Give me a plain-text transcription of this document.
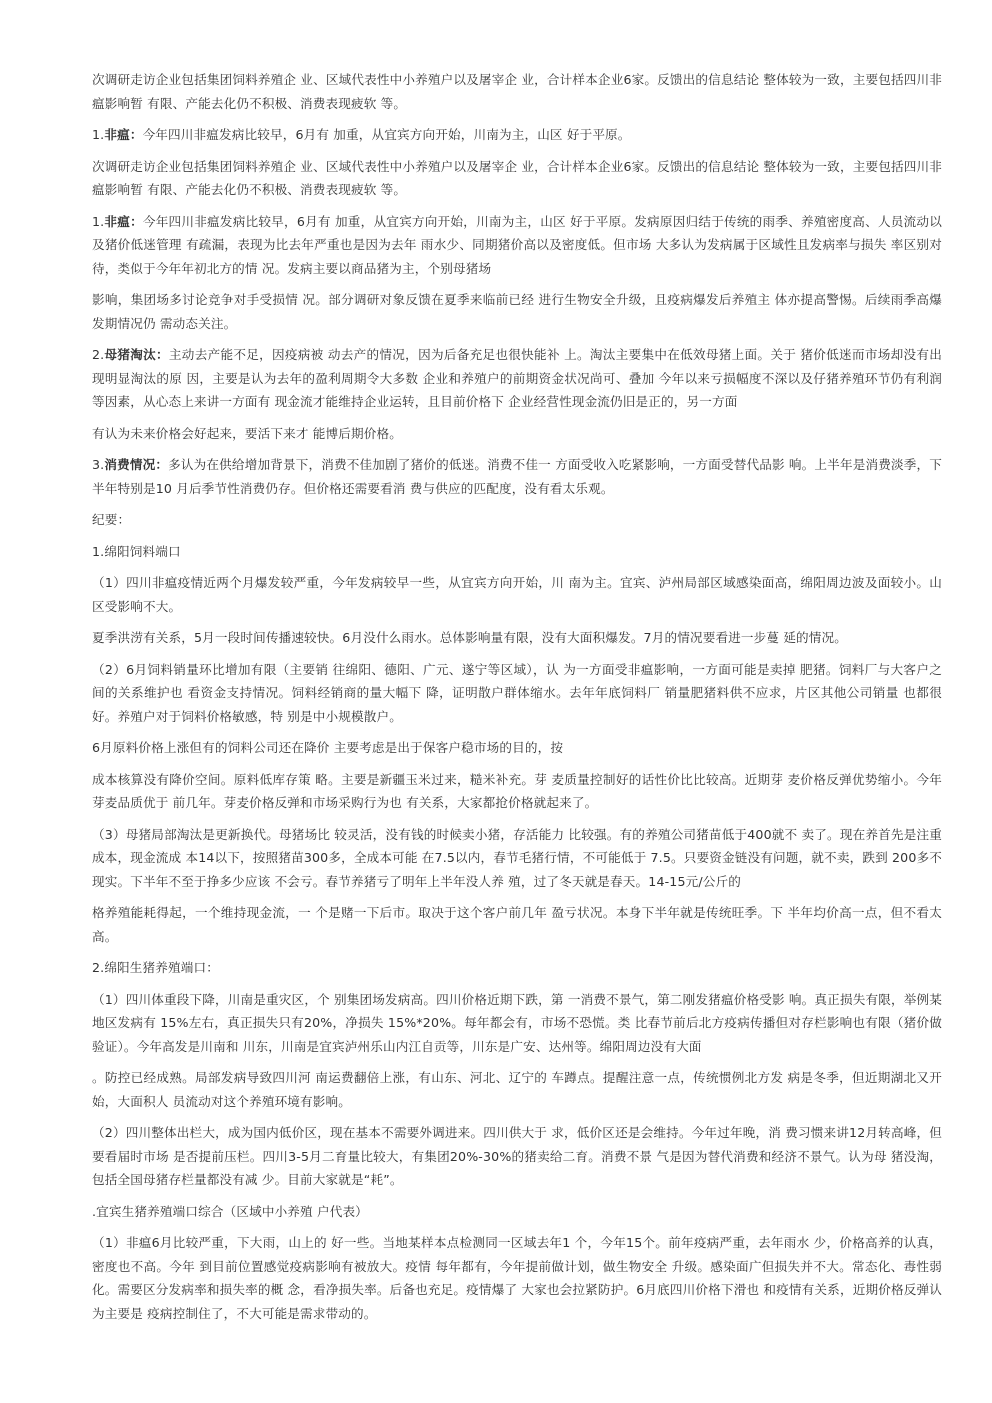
次调研走访企业包括集团饲料养殖企 业、区域代表性中小养殖户以及屠宰企 业，合计样本企业6家。反馈出的信息结论 整体较为一致，主要包括四川非瘟影响暂 有限、产能去化仍不积极、消费表现疲软 等。

1.非瘟：今年四川非瘟发病比较早，6月有 加重，从宜宾方向开始，川南为主，山区 好于平原。

次调研走访企业包括集团饲料养殖企 业、区域代表性中小养殖户以及屠宰企 业，合计样本企业6家。反馈出的信息结论 整体较为一致，主要包括四川非瘟影响暂 有限、产能去化仍不积极、消费表现疲软 等。

1.非瘟：今年四川非瘟发病比较早，6月有 加重，从宜宾方向开始，川南为主，山区 好于平原。发病原因归结于传统的雨季、养殖密度高、人员流动以及猪价低迷管理 有疏漏，表现为比去年严重也是因为去年 雨水少、同期猪价高以及密度低。但市场 大多认为发病属于区域性且发病率与损失 率区别对待，类似于今年年初北方的情 况。发病主要以商品猪为主，个别母猪场

影响，集团场多讨论竞争对手受损情 况。部分调研对象反馈在夏季来临前已经 进行生物安全升级，且疫病爆发后养殖主 体亦提高警惕。后续雨季高爆发期情况仍 需动态关注。

2.母猪淘汰：主动去产能不足，因疫病被 动去产的情况，因为后备充足也很快能补 上。淘汰主要集中在低效母猪上面。关于 猪价低迷而市场却没有出现明显淘汰的原 因，主要是认为去年的盈利周期令大多数 企业和养殖户的前期资金状况尚可、叠加 今年以来亏损幅度不深以及仔猪养殖环节仍有利润等因素，从心态上来讲一方面有 现金流才能维持企业运转，且目前价格下 企业经营性现金流仍旧是正的，另一方面

有认为未来价格会好起来，要活下来才 能博后期价格。

3.消费情况：多认为在供给增加背景下，消费不佳加剧了猪价的低迷。消费不佳一 方面受收入吃紧影响，一方面受替代品影 响。上半年是消费淡季，下半年特别是10 月后季节性消费仍存。但价格还需要看消 费与供应的匹配度，没有看太乐观。

纪要：

1.绵阳饲料端口

（1）四川非瘟疫情近两个月爆发较严重，今年发病较早一些，从宜宾方向开始，川 南为主。宜宾、泸州局部区域感染面高，绵阳周边波及面较小。山区受影响不大。

夏季洪涝有关系，5月一段时间传播速较快。6月没什么雨水。总体影响量有限，没有大面积爆发。7月的情况要看进一步蔓 延的情况。

（2）6月饲料销量环比增加有限（主要销 往绵阳、德阳、广元、遂宁等区域），认 为一方面受非瘟影响，一方面可能是卖掉 肥猪。饲料厂与大客户之间的关系维护也 看资金支持情况。饲料经销商的量大幅下 降，证明散户群体缩水。去年年底饲料厂 销量肥猪料供不应求，片区其他公司销量 也都很好。养殖户对于饲料价格敏感，特 别是中小规模散户。

6月原料价格上涨但有的饲料公司还在降价 主要考虑是出于保客户稳市场的目的，按

成本核算没有降价空间。原料低库存策 略。主要是新疆玉米过来，糙米补充。芽 麦质量控制好的话性价比比较高。近期芽 麦价格反弹优势缩小。今年芽麦品质优于 前几年。芽麦价格反弹和市场采购行为也 有关系，大家都抢价格就起来了。

（3）母猪局部淘汰是更新换代。母猪场比 较灵活，没有钱的时候卖小猪，存活能力 比较强。有的养殖公司猪苗低于400就不 卖了。现在养首先是注重成本，现金流成 本14以下，按照猪苗300多，全成本可能 在7.5以内，春节毛猪行情，不可能低于 7.5。只要资金链没有问题，就不卖，跌到 200多不现实。下半年不至于挣多少应该 不会亏。春节养猪亏了明年上半年没人养 殖，过了冬天就是春天。14-15元/公斤的

格养殖能耗得起，一个维持现金流，一 个是赌一下后市。取决于这个客户前几年 盈亏状况。本身下半年就是传统旺季。下 半年均价高一点，但不看太高。

2.绵阳生猪养殖端口：

（1）四川体重段下降，川南是重灾区，个 别集团场发病高。四川价格近期下跌，第 一消费不景气，第二刚发猪瘟价格受影 响。真正损失有限，举例某地区发病有 15%左右，真正损失只有20%，净损失 15%*20%。每年都会有，市场不恐慌。类 比春节前后北方疫病传播但对存栏影响也有限（猪价做验证）。今年高发是川南和 川东，川南是宜宾泸州乐山内江自贡等，川东是广安、达州等。绵阳周边没有大面

。防控已经成熟。局部发病导致四川河 南运费翻倍上涨，有山东、河北、辽宁的 车蹲点。提醒注意一点，传统惯例北方发 病是冬季，但近期湖北又开始，大面积人 员流动对这个养殖环境有影响。

（2）四川整体出栏大，成为国内低价区，现在基本不需要外调进来。四川供大于 求，低价区还是会维持。今年过年晚，消 费习惯来讲12月转高峰，但要看届时市场 是否提前压栏。四川3-5月二育量比较大，有集团20%-30%的猪卖给二育。消费不景 气是因为替代消费和经济不景气。认为母 猪没淘，包括全国母猪存栏量都没有减 少。目前大家就是“耗”。

.宜宾生猪养殖端口综合（区域中小养殖 户代表）

（1）非瘟6月比较严重，下大雨，山上的 好一些。当地某样本点检测同一区域去年1 个，今年15个。前年疫病严重，去年雨水 少，价格高养的认真，密度也不高。今年 到目前位置感觉疫病影响有被放大。疫情 每年都有，今年提前做计划，做生物安全 升级。感染面广但损失并不大。常态化、毒性弱化。需要区分发病率和损失率的概 念，看净损失率。后备也充足。疫情爆了 大家也会拉紧防护。6月底四川价格下滑也 和疫情有关系，近期价格反弹认为主要是 疫病控制住了，不大可能是需求带动的。
